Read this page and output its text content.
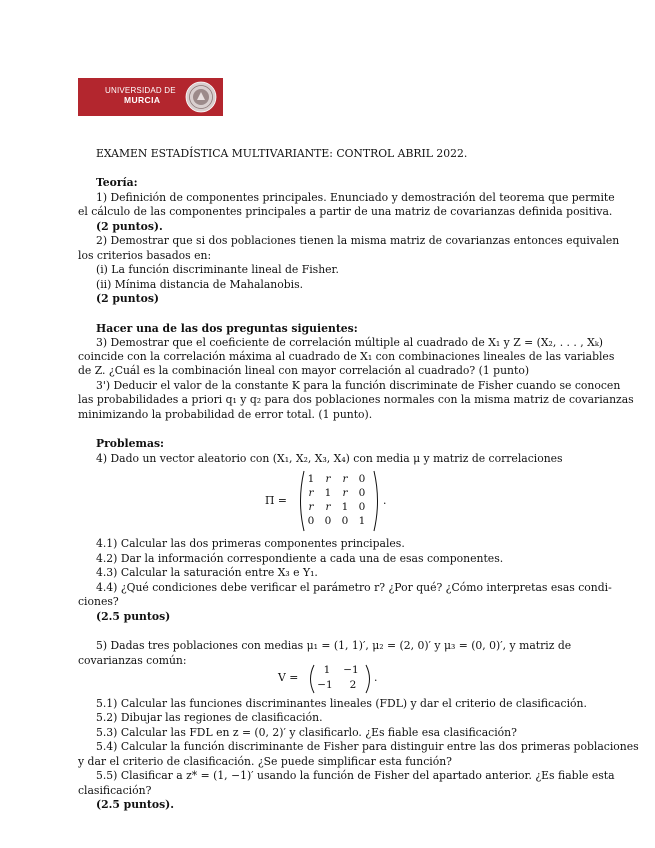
UNIVERSIDAD DE
MURCIA
EXAMEN ESTADÍSTICA MULTIVARIANTE: CONTROL ABRIL 2022.
Teoría:
1) Definición de componentes principales. Enunciado y demostración del teorema que permite
el cálculo de las componentes principales a partir de una matriz de covarianzas definida positiva.
(2 puntos).
2) Demostrar que si dos poblaciones tienen la misma matriz de covarianzas entonces equivalen
los criterios basados en:
(i) La función discriminante lineal de Fisher.
(ii) Mínima distancia de Mahalanobis.
(2 puntos)
Hacer una de las dos preguntas siguientes:
3) Demostrar que el coeficiente de correlación múltiple al cuadrado de X₁ y Z = (X₂, . . . , Xₖ)
coincide con la correlación máxima al cuadrado de X₁ con combinaciones lineales de las variables
de Z. ¿Cuál es la combinación lineal con mayor correlación al cuadrado? (1 punto)
3') Deducir el valor de la constante K para la función discriminate de Fisher cuando se conocen
las probabilidades a priori q₁ y q₂ para dos poblaciones normales con la misma matriz de covarianzas
minimizando la probabilidad de error total. (1 punto).
Problemas:
4) Dado un vector aleatorio con (X₁, X₂, X₃, X₄) con media μ y matriz de correlaciones
Π =	.
1	r	r	0
r	1	r	0
r	r	1 0
0 0 0 1
4.1) Calcular las dos primeras componentes principales.
4.2) Dar la información correspondiente a cada una de esas componentes.
4.3) Calcular la saturación entre X₃ e Y₁.
4.4) ¿Qué condiciones debe verificar el parámetro r? ¿Por qué? ¿Cómo interpretas esas condi-
ciones?
(2.5 puntos)
5) Dadas tres poblaciones con medias μ₁ = (1, 1)′, μ₂ = (2, 0)′ y μ₃ = (0, 0)′, y matriz de
covarianzas común:
V =	.
1	−1
−1	2
5.1) Calcular las funciones discriminantes lineales (FDL) y dar el criterio de clasificación.
5.2) Dibujar las regiones de clasificación.
5.3) Calcular las FDL en z = (0, 2)′ y clasificarlo. ¿Es fiable esa clasificación?
5.4) Calcular la función discriminante de Fisher para distinguir entre las dos primeras poblaciones
y dar el criterio de clasificación. ¿Se puede simplificar esta función?
5.5) Clasificar a z* = (1, −1)′ usando la función de Fisher del apartado anterior. ¿Es fiable esta
clasificación?
(2.5 puntos).
